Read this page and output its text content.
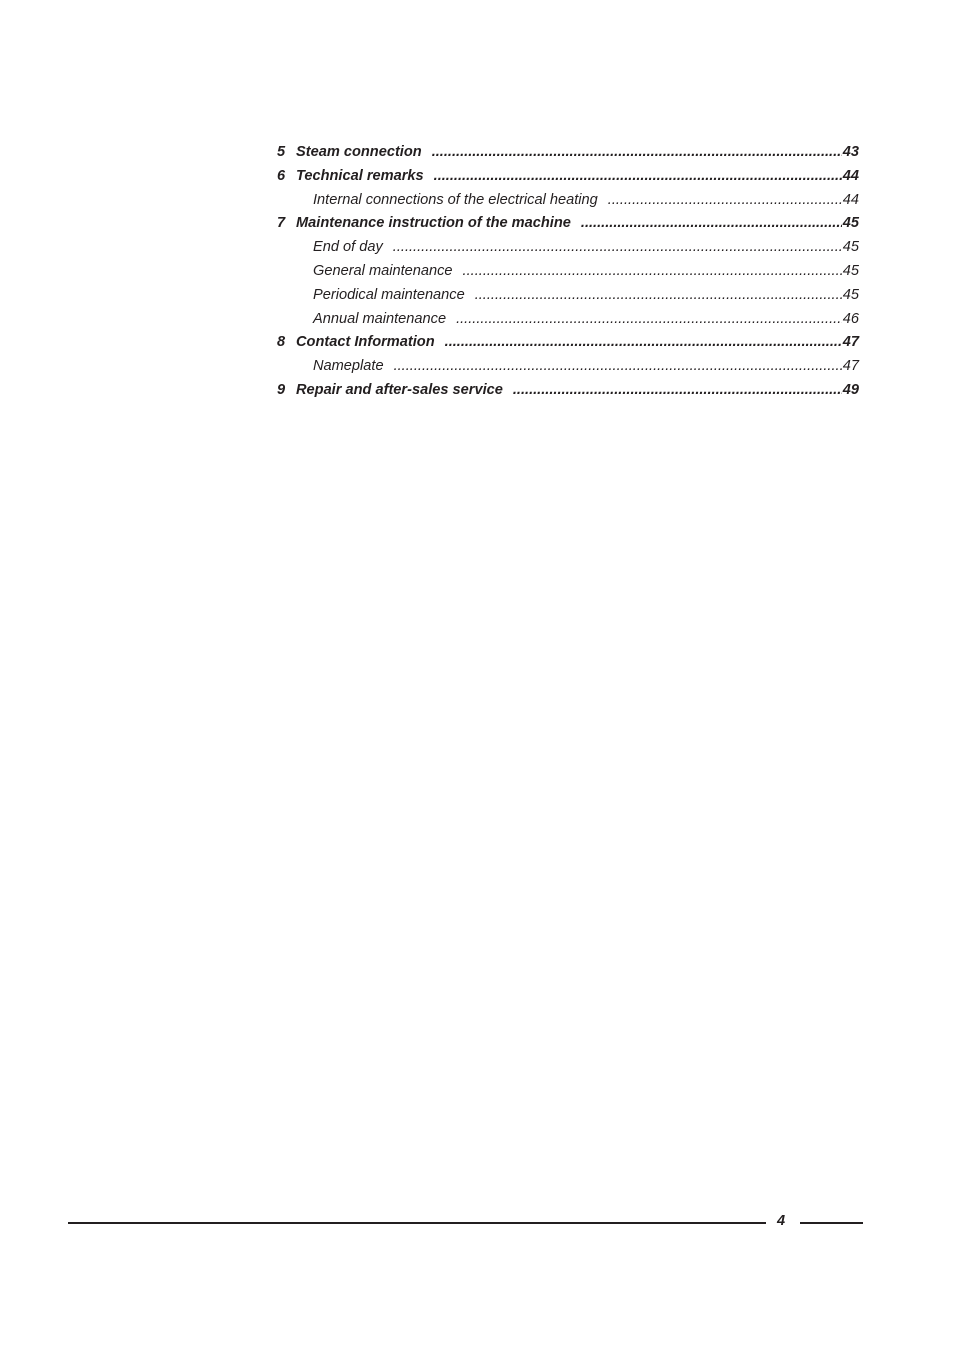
5 Steam connection .....	43
6 Technical remarks .....	44
Internal connections of the electrical heating .....	44
7 Maintenance instruction of the machine .....	45
End of day .....	45
General maintenance .....	45
Periodical maintenance .....	45
Annual maintenance .....	46
8 Contact Information .....	47
Nameplate .....	47
9 Repair and after-sales service .....	49
4
